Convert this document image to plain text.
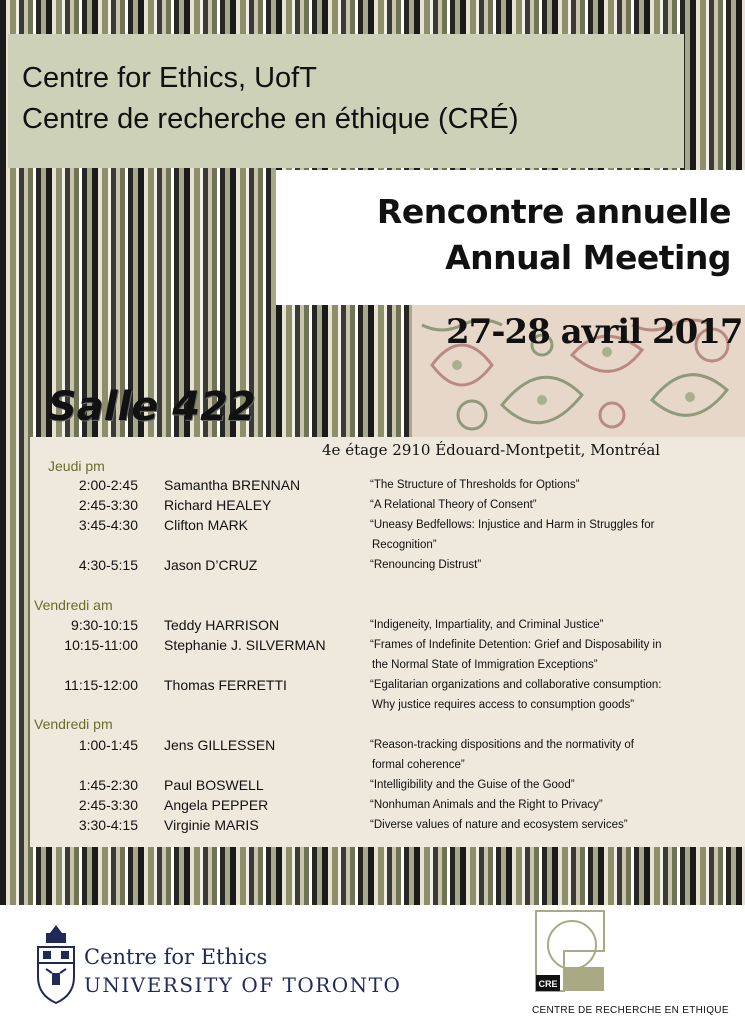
Centre for Ethics, UofT
Centre de recherche en éthique (CRÉ)
Rencontre annuelle
Annual Meeting
27-28 avril 2017
Salle 422
4e étage 2910 Édouard-Montpetit, Montréal
Jeudi pm
Vendredi am
Vendredi pm
2:00-2:45 Samantha BRENNAN	“The Structure of Thresholds for Options”
2:45-3:30 Richard HEALEY	“A Relational Theory of Consent”
3:45-4:30 Clifton MARK	“Uneasy Bedfellows: Injustice and Harm in Struggles for
Recognition”
4:30-5:15 Jason D’CRUZ	“Renouncing Distrust”
9:30-10:15 Teddy HARRISON	“Indigeneity, Impartiality, and Criminal Justice”
10:15-11:00 Stephanie J. SILVERMAN	“Frames of Indefinite Detention: Grief and Disposability in
the Normal State of Immigration Exceptions”
11:15-12:00 Thomas FERRETTI	“Egalitarian organizations and collaborative consumption:
Why justice requires access to consumption goods”
1:00-1:45 Jens GILLESSEN	“Reason-tracking dispositions and the normativity of
formal coherence”
1:45-2:30 Paul BOSWELL	“Intelligibility and the Guise of the Good”
2:45-3:30 Angela PEPPER	“Nonhuman Animals and the Right to Privacy”
3:30-4:15 Virginie MARIS	“Diverse values of nature and ecosystem services”
Centre for Ethics
UNIVERSITY OF TORONTO	CRE
CENTRE DE RECHERCHE EN ETHIQUE
